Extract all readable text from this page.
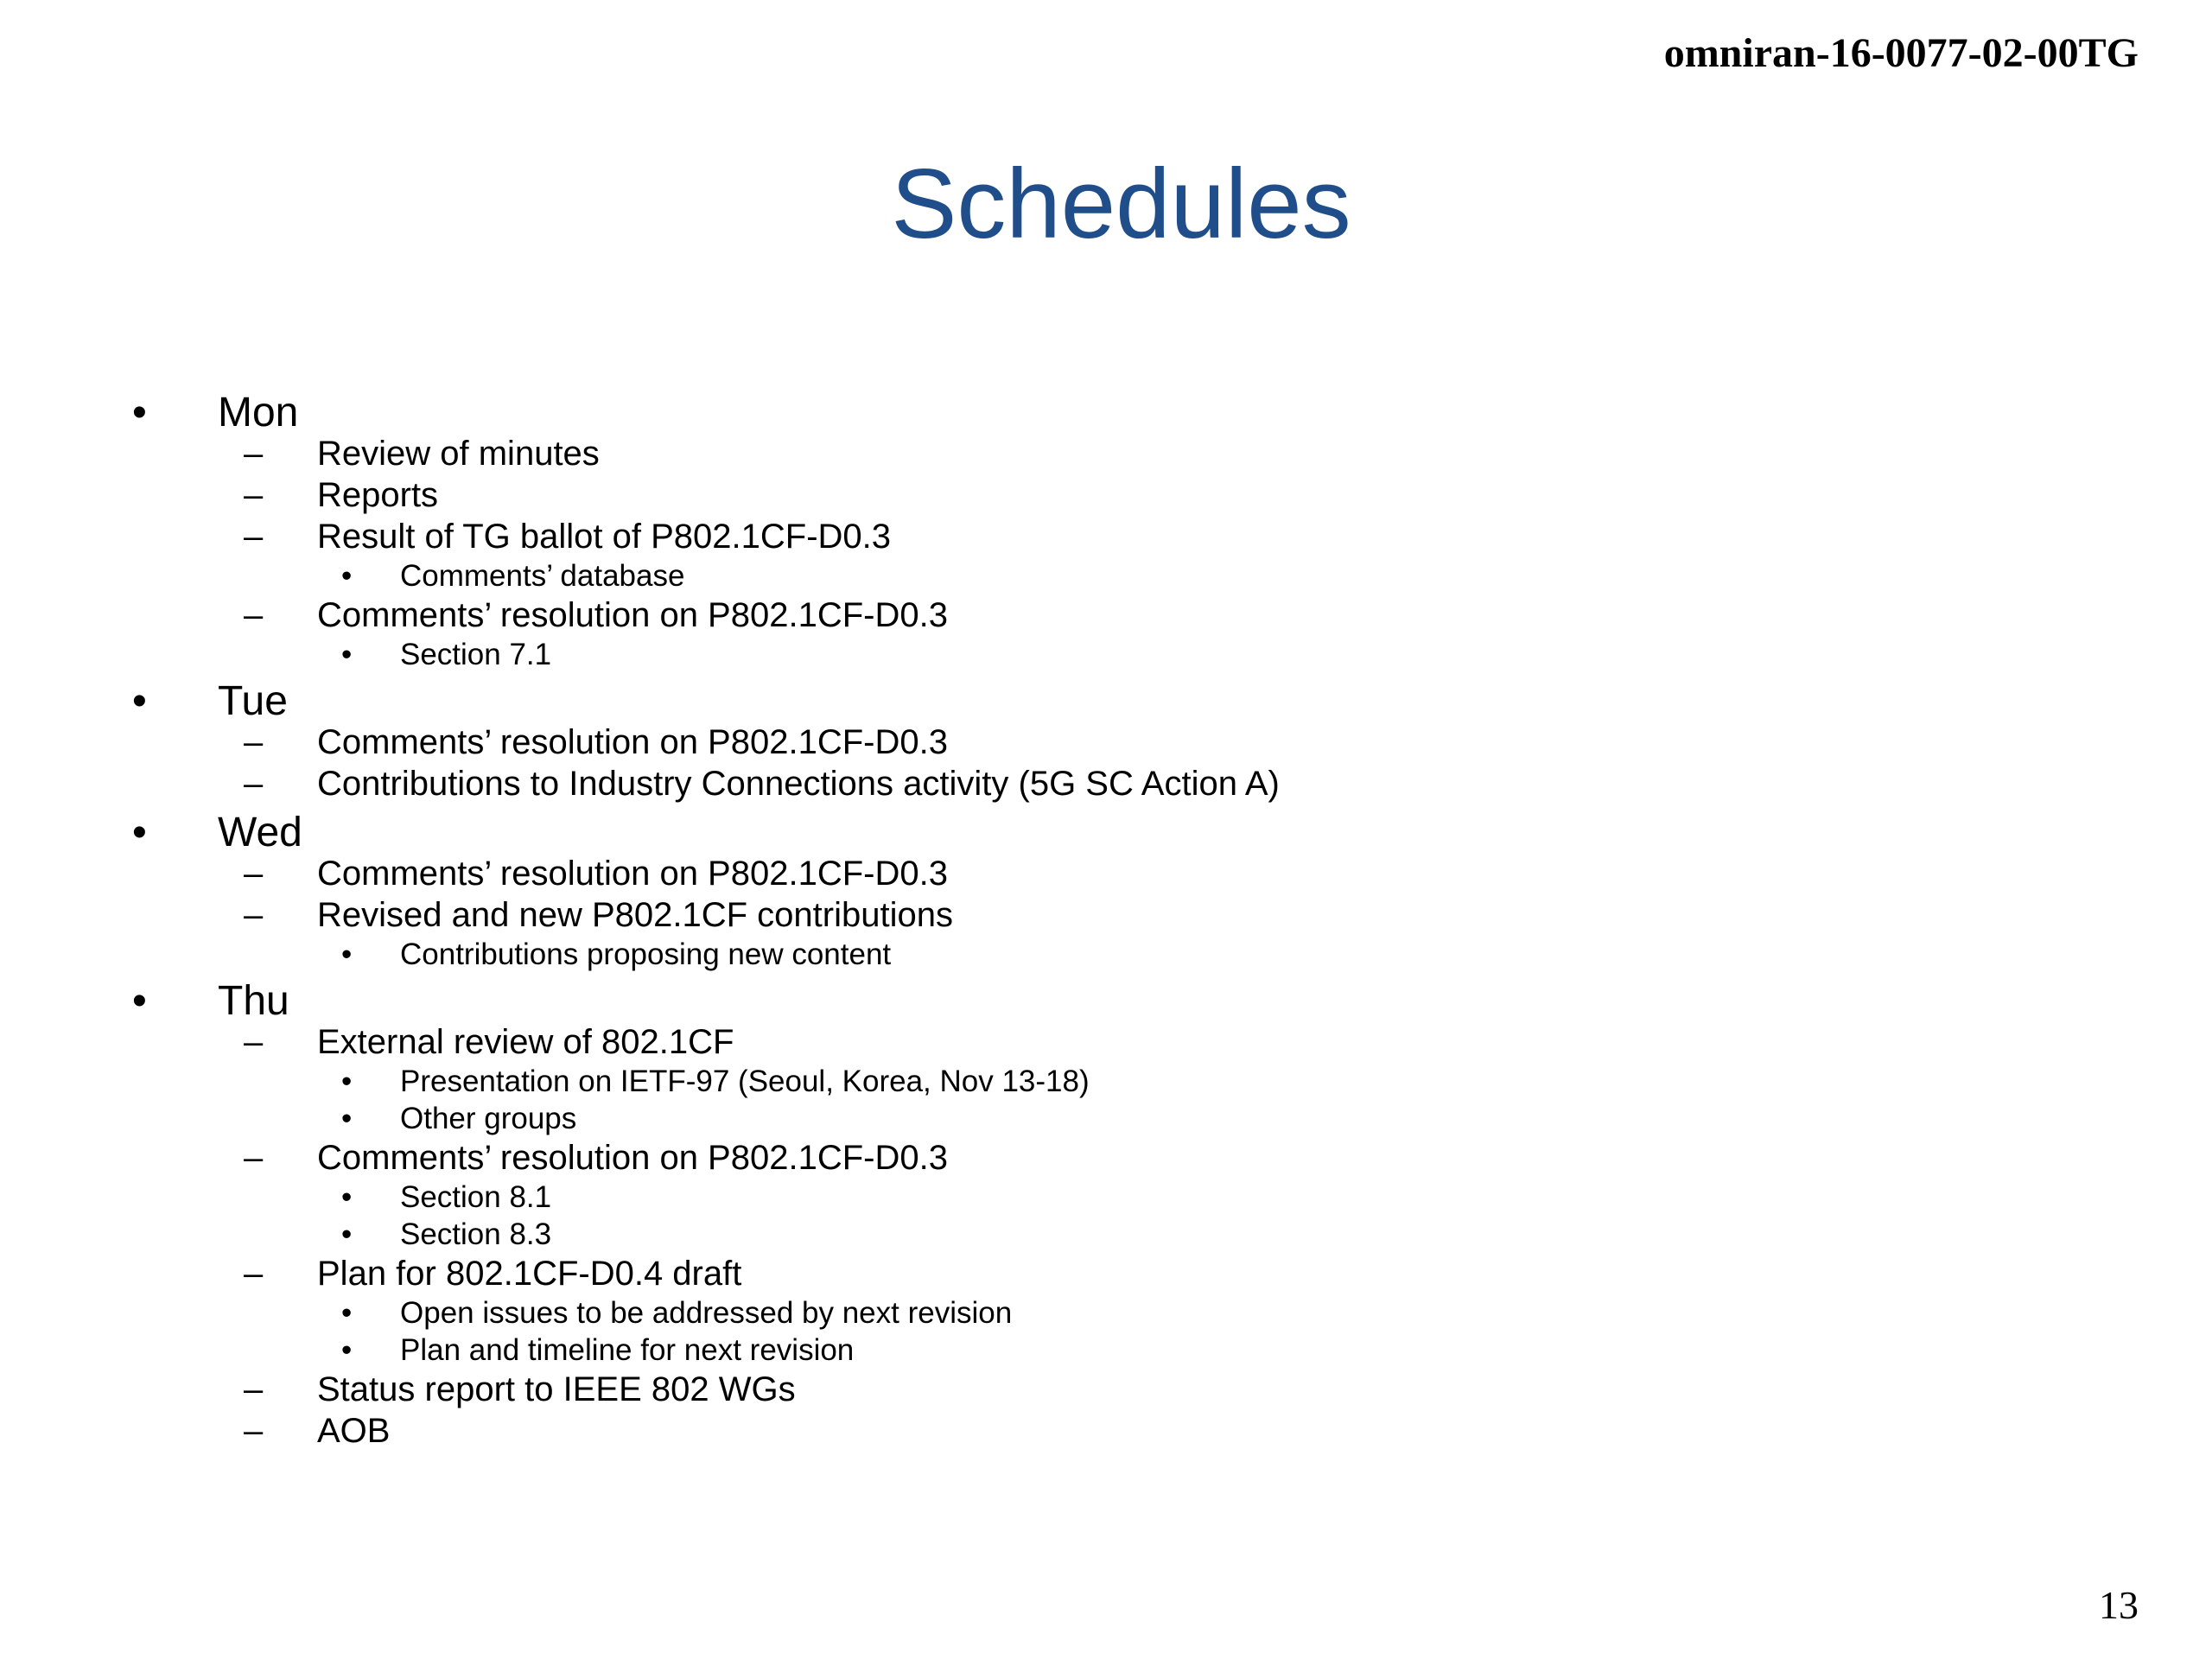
omniran-16-0077-02-00TG
Schedules
• Mon
– Review of minutes
– Reports
– Result of TG ballot of P802.1CF-D0.3
• Comments’ database
– Comments’ resolution on P802.1CF-D0.3
• Section 7.1
• Tue
– Comments’ resolution on P802.1CF-D0.3
– Contributions to Industry Connections activity (5G SC Action A)
• Wed
– Comments’ resolution on P802.1CF-D0.3
– Revised and new P802.1CF contributions
• Contributions proposing new content
• Thu
– External review of 802.1CF
• Presentation on IETF-97 (Seoul, Korea, Nov 13-18)
• Other groups
– Comments’ resolution on P802.1CF-D0.3
• Section 8.1
• Section 8.3
– Plan for 802.1CF-D0.4 draft
• Open issues to be addressed by next revision
• Plan and timeline for next revision
– Status report to IEEE 802 WGs
– AOB
13
